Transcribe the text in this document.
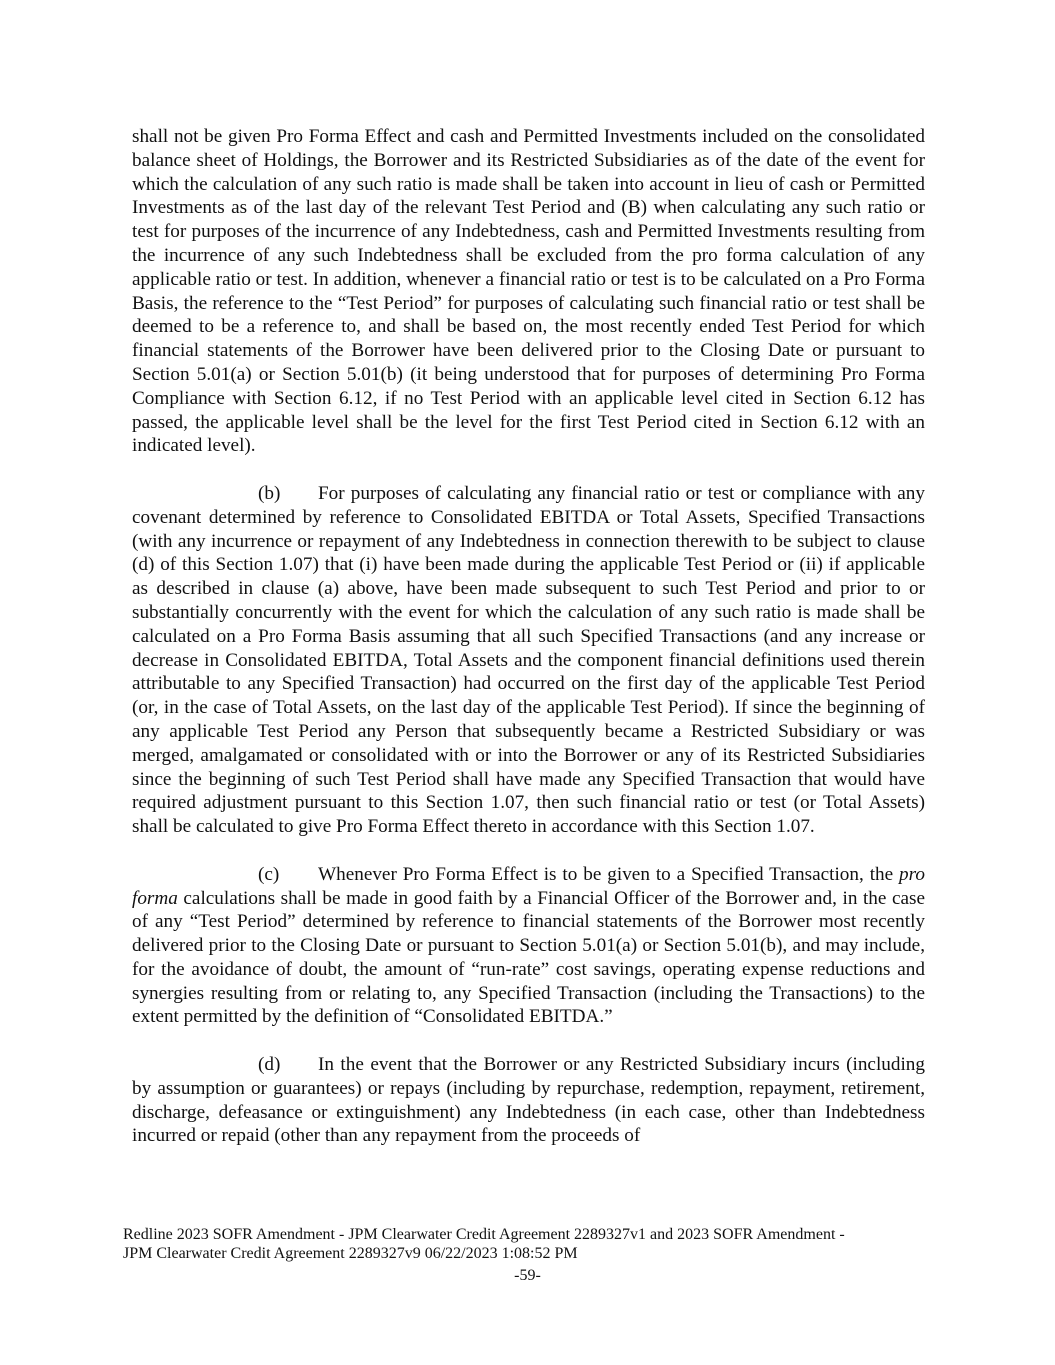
shall not be given Pro Forma Effect and cash and Permitted Investments included on the consolidated balance sheet of Holdings, the Borrower and its Restricted Subsidiaries as of the date of the event for which the calculation of any such ratio is made shall be taken into account in lieu of cash or Permitted Investments as of the last day of the relevant Test Period and (B) when calculating any such ratio or test for purposes of the incurrence of any Indebtedness, cash and Permitted Investments resulting from the incurrence of any such Indebtedness shall be excluded from the pro forma calculation of any applicable ratio or test. In addition, whenever a financial ratio or test is to be calculated on a Pro Forma Basis, the reference to the “Test Period” for purposes of calculating such financial ratio or test shall be deemed to be a reference to, and shall be based on, the most recently ended Test Period for which financial statements of the Borrower have been delivered prior to the Closing Date or pursuant to Section 5.01(a) or Section 5.01(b) (it being understood that for purposes of determining Pro Forma Compliance with Section 6.12, if no Test Period with an applicable level cited in Section 6.12 has passed, the applicable level shall be the level for the first Test Period cited in Section 6.12 with an indicated level).

(b) For purposes of calculating any financial ratio or test or compliance with any covenant determined by reference to Consolidated EBITDA or Total Assets, Specified Transactions (with any incurrence or repayment of any Indebtedness in connection therewith to be subject to clause (d) of this Section 1.07) that (i) have been made during the applicable Test Period or (ii) if applicable as described in clause (a) above, have been made subsequent to such Test Period and prior to or substantially concurrently with the event for which the calculation of any such ratio is made shall be calculated on a Pro Forma Basis assuming that all such Specified Transactions (and any increase or decrease in Consolidated EBITDA, Total Assets and the component financial definitions used therein attributable to any Specified Transaction) had occurred on the first day of the applicable Test Period (or, in the case of Total Assets, on the last day of the applicable Test Period). If since the beginning of any applicable Test Period any Person that subsequently became a Restricted Subsidiary or was merged, amalgamated or consolidated with or into the Borrower or any of its Restricted Subsidiaries since the beginning of such Test Period shall have made any Specified Transaction that would have required adjustment pursuant to this Section 1.07, then such financial ratio or test (or Total Assets) shall be calculated to give Pro Forma Effect thereto in accordance with this Section 1.07.

(c) Whenever Pro Forma Effect is to be given to a Specified Transaction, the pro forma calculations shall be made in good faith by a Financial Officer of the Borrower and, in the case of any “Test Period” determined by reference to financial statements of the Borrower most recently delivered prior to the Closing Date or pursuant to Section 5.01(a) or Section 5.01(b), and may include, for the avoidance of doubt, the amount of “run-rate” cost savings, operating expense reductions and synergies resulting from or relating to, any Specified Transaction (including the Transactions) to the extent permitted by the definition of “Consolidated EBITDA.”

(d) In the event that the Borrower or any Restricted Subsidiary incurs (including by assumption or guarantees) or repays (including by repurchase, redemption, repayment, retirement, discharge, defeasance or extinguishment) any Indebtedness (in each case, other than Indebtedness incurred or repaid (other than any repayment from the proceeds of

Redline 2023 SOFR Amendment - JPM Clearwater Credit Agreement 2289327v1 and 2023 SOFR Amendment -
JPM Clearwater Credit Agreement 2289327v9 06/22/2023 1:08:52 PM
-59-
